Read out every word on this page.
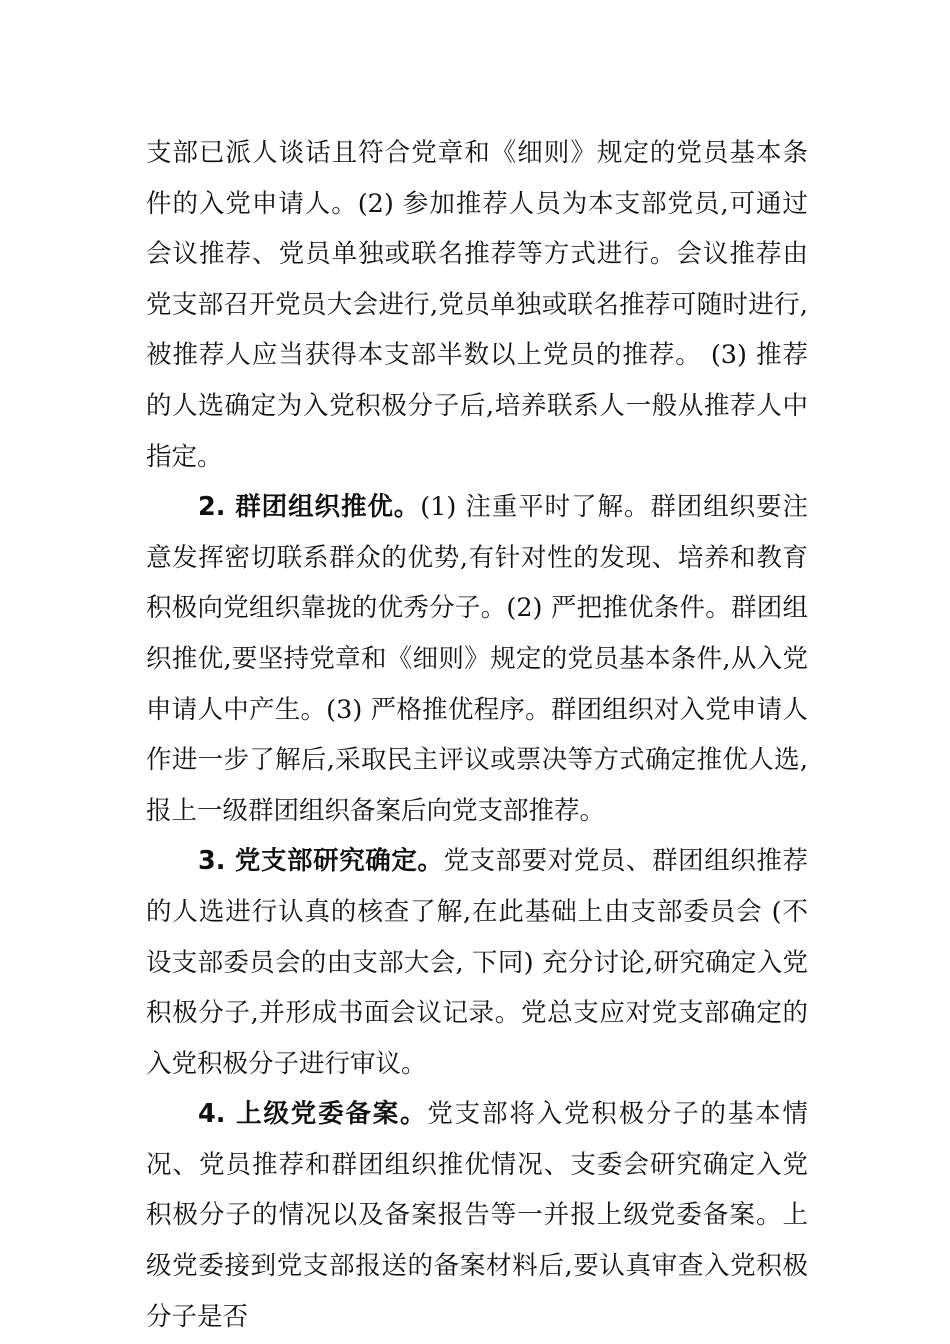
支部已派人谈话且符合党章和《细则》规定的党员基本条件的入党申请人。(2) 参加推荐人员为本支部党员,可通过会议推荐、党员单独或联名推荐等方式进行。会议推荐由党支部召开党员大会进行,党员单独或联名推荐可随时进行,被推荐人应当获得本支部半数以上党员的推荐。 (3) 推荐的人选确定为入党积极分子后,培养联系人一般从推荐人中指定。

2. 群团组织推优。(1) 注重平时了解。群团组织要注意发挥密切联系群众的优势,有针对性的发现、培养和教育积极向党组织靠拢的优秀分子。(2) 严把推优条件。群团组织推优,要坚持党章和《细则》规定的党员基本条件,从入党申请人中产生。(3) 严格推优程序。群团组织对入党申请人作进一步了解后,采取民主评议或票决等方式确定推优人选,报上一级群团组织备案后向党支部推荐。

3. 党支部研究确定。党支部要对党员、群团组织推荐的人选进行认真的核查了解,在此基础上由支部委员会 (不设支部委员会的由支部大会, 下同) 充分讨论,研究确定入党积极分子,并形成书面会议记录。党总支应对党支部确定的入党积极分子进行审议。

4. 上级党委备案。党支部将入党积极分子的基本情况、党员推荐和群团组织推优情况、支委会研究确定入党积极分子的情况以及备案报告等一并报上级党委备案。上级党委接到党支部报送的备案材料后,要认真审查入党积极分子是否
